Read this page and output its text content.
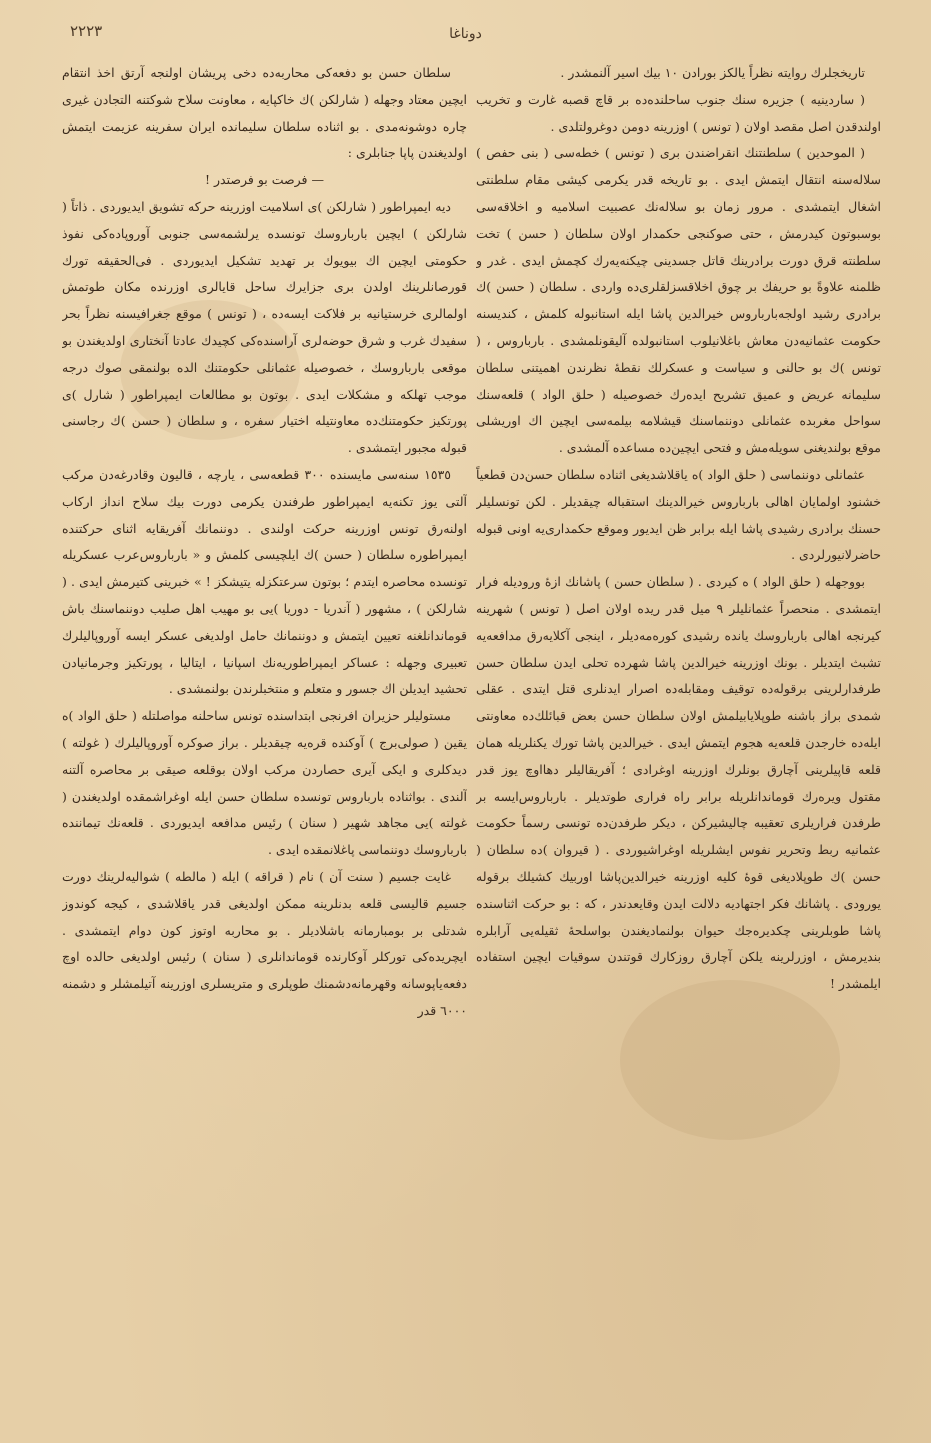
٢٢٢٣	دوناغا

تاریخجلرك روایته نظراً یالکز بورادن ١٠ بیك اسیر آلنمشدر .

( ساردینیه ) جزیره سنك جنوب ساحلنده‌ده بر قاچ قصبه غارت و تخریب اولندقدن اصل مقصد اولان ( تونس ) اوزرینه دومن دوغرولتلدی .

( الموحدین ) سلطنتنك انقراضندن بری ( تونس ) خطه‌سی ( بنی حفص ) سلاله‌سنه انتقال ایتمش ایدی . بو تاریخه قدر یکرمی کیشی مقام سلطنتی اشغال ایتمشدی . مرور زمان بو سلاله‌نك عصبیت اسلامیه و اخلاقه‌سی بوسبوتون کیدرمش ، حتی صوکنجی حکمدار اولان سلطان ( حسن ) تخت سلطنته قرق دورت برادرینك قاتل جسدینی چیکنه‌یه‌رك کچمش ایدی . غدر و ظلمنه علاوةً بو حریفك بر چوق اخلاقسزلقلری‌ده واردی . سلطان ( حسن )ك برادری رشید اولجه‌بارباروس خیرالدین پاشا ایله استانبوله کلمش ، کندیسنه حکومت عثمانیه‌دن معاش باغلانیلوب استانبولده آلیقونلمشدی . بارباروس ، ( تونس )ك بو حالنی و سیاست و عسکرلك نقطهٔ نظرندن اهمیتنی سلطان سلیمانه عریض و عمیق تشریح ایده‌رك خصوصیله ( حلق الواد ) قلعه‌سنك سواحل مغربده عثمانلی دوننماسنك قیشلامه بیلمه‌سی ایچین اك اوریشلی موقع بولندیغنی سویله‌مش و فتحی ایچین‌ده مساعده آلمشدی .

عثمانلی دوننماسی ( حلق الواد )ه یاقلاشدیغی اثناده سلطان حسن‌دن قطعیاً خشنود اولمایان اهالی بارباروس خیرالدینك استقباله چیقدیلر . لکن تونسلیلر حسنك برادری رشیدی پاشا ایله برابر ظن ایدیور وموقع حکمداری‌یه اونی قبوله حاضرلانیورلردی .

بووجهله ( حلق الواد ) ه کیردی . ( سلطان حسن ) پاشانك ازهٔ ورودیله فرار ایتمشدی . منحصراً عثمانلیلر ٩ میل قدر ریده اولان اصل ( تونس ) شهرینه کیرنجه اهالی بارباروسك یانده رشیدی کوره‌مه‌دیلر ، اینجی آکلایه‌رق مدافعه‌یه تشبث ایتدیلر . بونك اوزرینه خیرالدین پاشا شهرده تحلی ایدن سلطان حسن طرفدارلرینی برقوله‌ده توقیف ومقابله‌ده اصرار ایدنلری قتل ایتدی . عقلی شمدی براز باشنه طوپلایابیلمش اولان سلطان حسن بعض قبائلك‌ده معاونتی ایله‌ده خارجدن قلعه‌یه هجوم ایتمش ایدی . خیرالدین پاشا تورك یکنلریله همان قلعه قاپیلرینی آچارق بونلرك اوزرینه اوغرادی ؛ آفریقالیلر دهااوچ یوز قدر مقتول ویره‌رك قوماندانلریله برابر راه فراری طوتدیلر . بارباروس‌ایسه بر طرفدن فراریلری تعقیبه چالیشیرکن ، دیکر طرفدن‌ده تونسی رسماً حکومت عثمانیه ربط وتحریر نفوس ایشلریله اوغراشیوردی . ( قیروان )ده سلطان ( حسن )ك طوپلادیغی قوهٔ کلیه اوزرینه خیرالدین‌پاشا اوربیك کشیلك برقوله یورودی . پاشانك فکر اجتهادیه دلالت ایدن وقایعدندر ، که : بو حرکت اثناسنده پاشا طوبلرینی چکدیره‌جك حیوان بولنمادیغندن بواسلحهٔ ثقیله‌یی آرابلره بندیرمش ، اوزرلرینه یلکن آچارق روزکارك قوتندن سوقیات ایچین استفاده ایلمشدر !

سلطان حسن بو دفعه‌کی محاربه‌ده دخی پریشان اولنجه آرتق اخذ انتقام ایچین معتاد وجهله ( شارلکن )ك خاکپایه ، معاونت سلاح شوکتنه التجادن غیری چاره دوشونه‌مدی . بو اثناده سلطان سلیمانده ایران سفرینه عزیمت ایتمش اولدیغندن پاپا جنابلری :

— فرصت بو فرصتدر !

دیه ایمپراطور ( شارلکن )ی اسلامیت اوزرینه حرکه تشویق ایدیوردی . ذاتاً ( شارلکن ) ایچین بارباروسك تونسده یرلشمه‌سی جنوبی آوروپاده‌کی نفوذ حکومتی ایچین اك بیویوك بر تهدید تشکیل ایدیوردی . فی‌الحقیقه تورك قورصانلرینك اولدن بری جزایرك ساحل قایالری اوزرنده مکان طوتمش اولمالری خرستیانیه بر فلاکت ایسه‌ده ، ( تونس ) موقع جغرافیسنه نظراً بحر سفیدك غرب و شرق حوضه‌لری آراسنده‌کی کچیدك عادتا آنختاری اولدیغندن بو موقعی بارباروسك ، خصوصیله عثمانلی حکومتنك الده بولنمقی صوك درجه موجب تهلکه و مشکلات ایدی . بوتون بو مطالعات ایمپراطور ( شارل )ی پورتکیز حکومتنك‌ده معاونتیله اختیار سفره ، و سلطان ( حسن )ك رجاسنی قبوله مجبور ایتمشدی .

١٥٣٥ سنه‌سی مایسنده ٣٠٠ قطعه‌سی ، یارچه ، قالیون وقادرغه‌دن مرکب آلتی یوز تکنه‌یه ایمپراطور طرفندن یکرمی دورت بیك سلاح انداز ارکاب اولنه‌رق تونس اوزرینه حرکت اولندی . دوننمانك آفریقایه اثنای حرکتنده ایمپراطوره سلطان ( حسن )ك ایلچیسی کلمش و « بارباروس‌عرب عسکریله تونسده محاصره ایتدم ؛ بوتون سرعتکزله یتیشکز ! » خبرینی کتیرمش ایدی . ( شارلکن ) ، مشهور ( آندریا - دوریا )یی بو مهیب اهل صلیب دوننماسنك باش قوماندانلغنه تعیین ایتمش و دوننمانك حامل اولدیغی عسکر ایسه آوروپالیلرك تعبیری وجهله : عساکر ایمپراطوریه‌نك اسپانیا ، ایتالیا ، پورتکیز وجرمانیادن تحشید ایدیلن اك جسور و متعلم و منتخبلرندن بولنمشدی .

مستولیلر حزیران افرنجی ابتداسنده تونس ساحلنه مواصلتله ( حلق الواد )ه یقین ( صولی‌برج ) آوکنده قره‌یه چیقدیلر . براز صوکره آوروپالیلرك ( غولته ) دیدکلری و ایکی آیری حصاردن مرکب اولان بوقلعه صیقی بر محاصره آلتنه آلندی . بواثناده بارباروس تونسده سلطان حسن ایله اوغراشمقده اولدیغندن ( غولته )یی مجاهد شهیر ( سنان ) رئیس مدافعه ایدیوردی . قلعه‌نك تیماننده بارباروسك دوننماسی پاغلانمقده ایدی .

غایت جسیم ( سنت آن ) نام ( قراقه ) ایله ( مالطه ) شوالیه‌لرینك دورت جسیم قالیسی قلعه بدنلرینه ممکن اولدیغی قدر یاقلاشدی ، کیجه کوندوز شدتلی بر بومبارمانه باشلادیلر . بو محاربه اوتوز کون دوام ایتمشدی . ایچریده‌کی تورکلر آوکارنده قوماندانلری ( سنان ) رئیس اولدیغی حالده اوچ دفعه‌یاپوسانه وقهرمانه‌دشمنك طوپلری و متریسلری اوزرینه آتیلمشلر و دشمنه ٦٠٠٠ قدر
